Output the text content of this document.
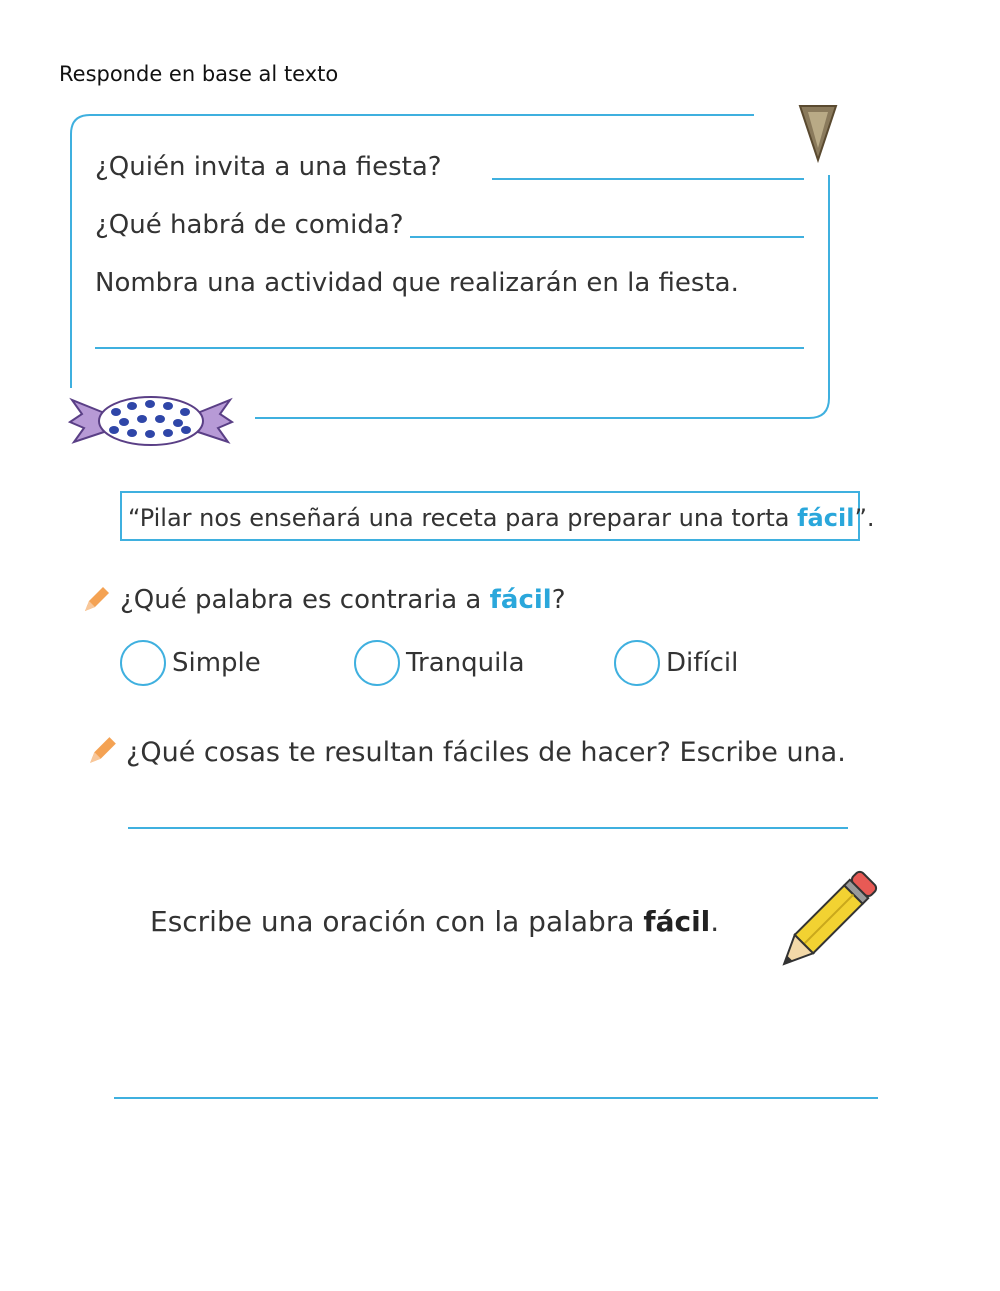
Responde en base al texto
¿Quién invita a una fiesta?
¿Qué habrá de comida?
Nombra una actividad que realizarán en la fiesta.
“Pilar nos enseñará una receta para preparar una torta fácil”.
¿Qué palabra es contraria a fácil?
Simple	Tranquila	Difícil
¿Qué cosas te resultan fáciles de hacer? Escribe una.
Escribe una oración con la palabra fácil.
